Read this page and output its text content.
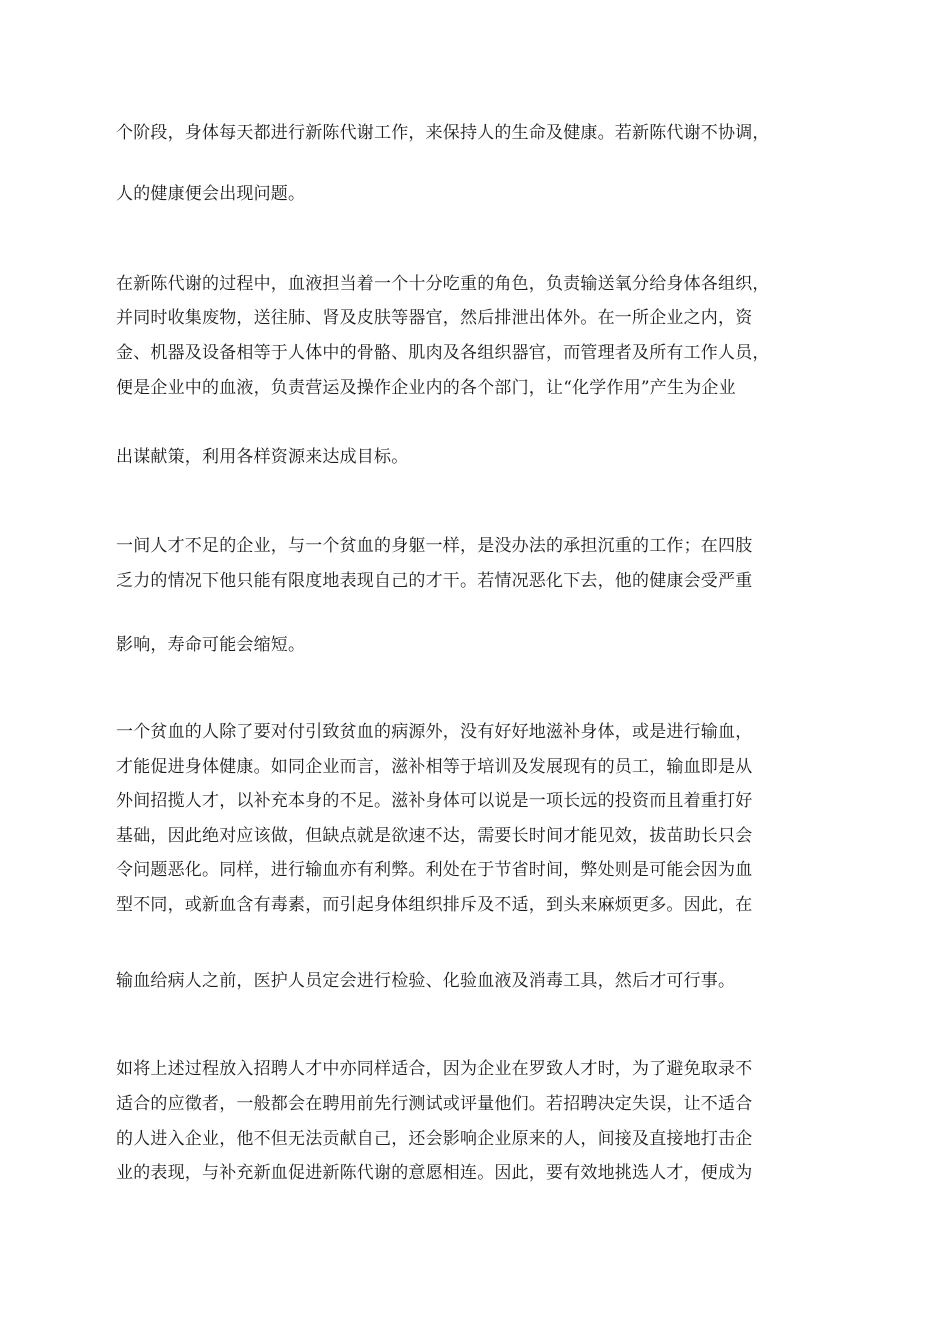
个阶段，身体每天都进行新陈代谢工作，来保持人的生命及健康。若新陈代谢不协调，
人的健康便会出现问题。
在新陈代谢的过程中，血液担当着一个十分吃重的角色，负责输送氧分给身体各组织，
并同时收集废物，送往肺、肾及皮肤等器官，然后排泄出体外。在一所企业之内，资
金、机器及设备相等于人体中的骨骼、肌肉及各组织器官，而管理者及所有工作人员，
便是企业中的血液，负责营运及操作企业内的各个部门，让“化学作用”产生为企业
出谋献策，利用各样资源来达成目标。
一间人才不足的企业，与一个贫血的身躯一样，是没办法的承担沉重的工作；在四肢
乏力的情况下他只能有限度地表现自己的才干。若情况恶化下去，他的健康会受严重
影响，寿命可能会缩短。
一个贫血的人除了要对付引致贫血的病源外，没有好好地滋补身体，或是进行输血，
才能促进身体健康。如同企业而言，滋补相等于培训及发展现有的员工，输血即是从
外间招揽人才，以补充本身的不足。滋补身体可以说是一项长远的投资而且着重打好
基础，因此绝对应该做，但缺点就是欲速不达，需要长时间才能见效，拔苗助长只会
令问题恶化。同样，进行输血亦有利弊。利处在于节省时间，弊处则是可能会因为血
型不同，或新血含有毒素，而引起身体组织排斥及不适，到头来麻烦更多。因此，在
输血给病人之前，医护人员定会进行检验、化验血液及消毒工具，然后才可行事。
如将上述过程放入招聘人才中亦同样适合，因为企业在罗致人才时，为了避免取录不
适合的应徵者，一般都会在聘用前先行测试或评量他们。若招聘决定失误，让不适合
的人进入企业，他不但无法贡献自己，还会影响企业原来的人，间接及直接地打击企
业的表现，与补充新血促进新陈代谢的意愿相连。因此，要有效地挑选人才，便成为
